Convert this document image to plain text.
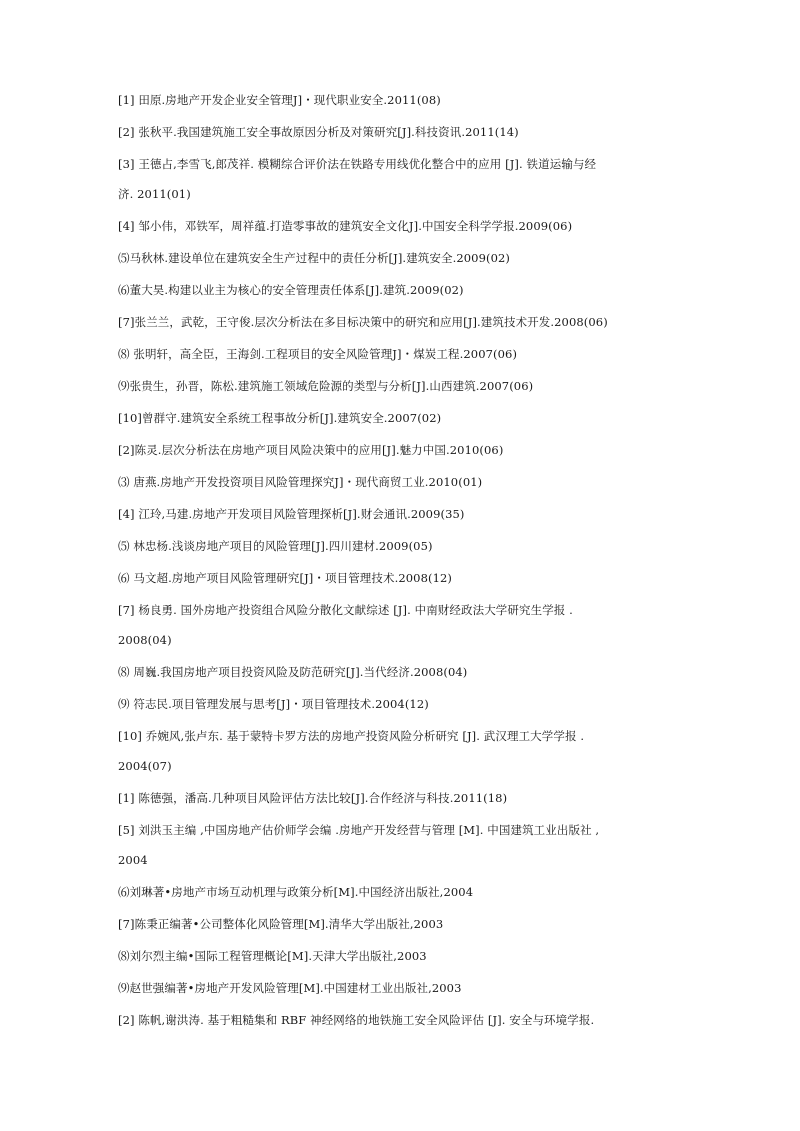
[1] 田原.房地产开发企业安全管理J]・现代职业安全.2011(08)
[2] 张秋平.我国建筑施工安全事故原因分析及对策研究[J].科技资讯.2011(14)
[3] 王德占,李雪飞,郎茂祥. 模糊综合评价法在铁路专用线优化整合中的应用 [J]. 铁道运输与经
济. 2011(01)
[4] 邹小伟，邓铁军，周祥蕴.打造零事故的建筑安全文化J].中国安全科学学报.2009(06)
⑸马秋林.建设单位在建筑安全生产过程中的责任分析[J].建筑安全.2009(02)
⑹董大昊.构建以业主为核心的安全管理责任体系[J].建筑.2009(02)
[7]张兰兰，武乾，王守俊.层次分析法在多目标决策中的研究和应用[J].建筑技术开发.2008(06)
⑻ 张明轩，高全臣，王海剑.工程项目的安全风险管理J]・煤炭工程.2007(06)
⑼张贵生，孙晋，陈松.建筑施工领域危险源的类型与分析[J].山西建筑.2007(06)
[10]曾群守.建筑安全系统工程事故分析[J].建筑安全.2007(02)
[2]陈灵.层次分析法在房地产项目风险决策中的应用[J].魅力中国.2010(06)
⑶ 唐燕.房地产开发投资项目风险管理探究J]・现代商贸工业.2010(01)
[4] 江玲,马建.房地产开发项目风险管理探析[J].财会通讯.2009(35)
⑸ 林忠杨.浅谈房地产项目的风险管理[J].四川建材.2009(05)
⑹ 马文超.房地产项目风险管理研究[J]・项目管理技术.2008(12)
[7] 杨良勇. 国外房地产投资组合风险分散化文献综述 [J]. 中南财经政法大学研究生学报 .
2008(04)
⑻ 周巍.我国房地产项目投资风险及防范研究[J].当代经济.2008(04)
⑼ 符志民.项目管理发展与思考[J]・项目管理技术.2004(12)
[10] 乔婉风,张卢东. 基于蒙特卡罗方法的房地产投资风险分析研究 [J]. 武汉理工大学学报 .
2004(07)
[1] 陈德强，潘高.几种项目风险评估方法比较[J].合作经济与科技.2011(18)
[5] 刘洪玉主编 ,中国房地产估价师学会编 .房地产开发经营与管理 [M]. 中国建筑工业出版社 ,
2004
⑹刘琳著•房地产市场互动机理与政策分析[M].中国经济出版社,2004
[7]陈秉正编著•公司整体化风险管理[M].清华大学出版社,2003
⑻刘尔烈主编•国际工程管理概论[M].天津大学出版社,2003
⑼赵世强编著•房地产开发风险管理[M].中国建材工业出版社,2003
[2] 陈帆,谢洪涛. 基于粗糙集和 RBF 神经网络的地铁施工安全风险评估 [J]. 安全与环境学报.
